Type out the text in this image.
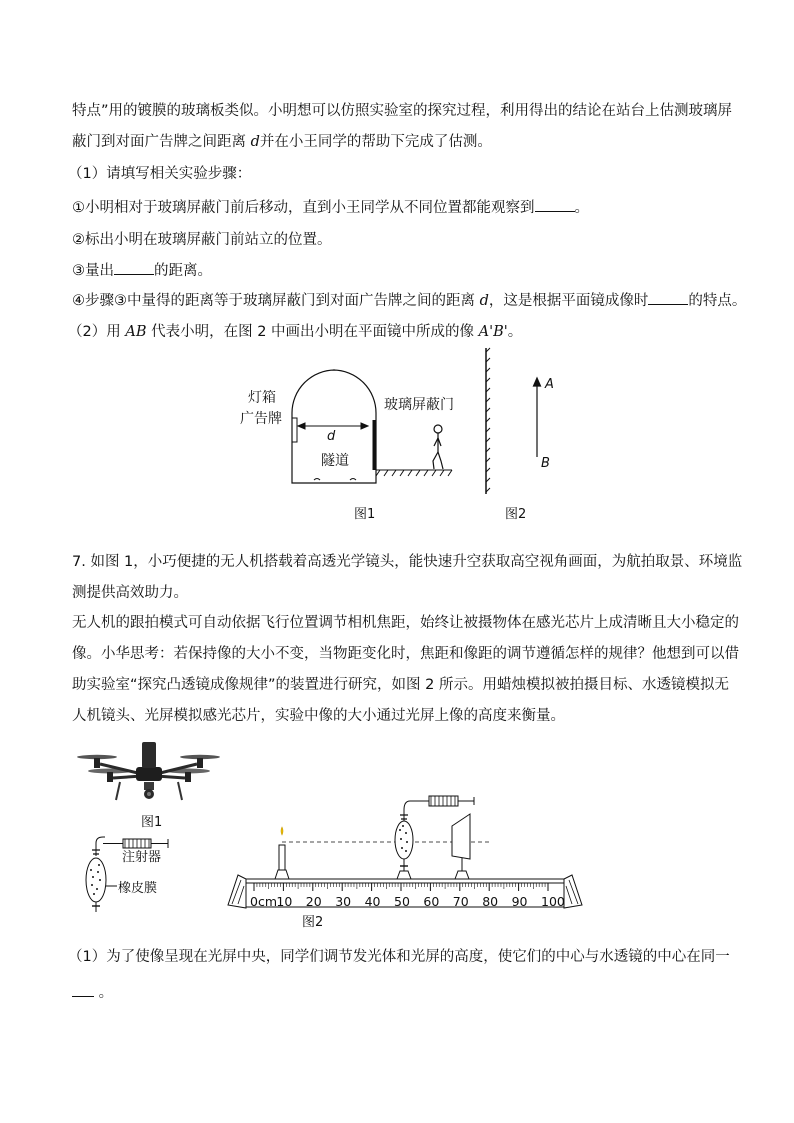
特点”用的镀膜的玻璃板类似。小明想可以仿照实验室的探究过程，利用得出的结论在站台上估测玻璃屏
蔽门到对面广告牌之间距离 d并在小王同学的帮助下完成了估测。
（1）请填写相关实验步骤：
①小明相对于玻璃屏蔽门前后移动，直到小王同学从不同位置都能观察到	。
②标出小明在玻璃屏蔽门前站立的位置。
③量出	的距离。
④步骤③中量得的距离等于玻璃屏蔽门到对面广告牌之间的距离 d，这是根据平面镜成像时	的特点。
（2）用 AB 代表小明，在图 2 中画出小明在平面镜中所成的像 A'B'。
灯箱
广告牌
d
隧道
玻璃屏蔽门
A
B
图1	图2
7. 如图 1，小巧便捷的无人机搭载着高透光学镜头，能快速升空获取高空视角画面，为航拍取景、环境监
测提供高效助力。
无人机的跟拍模式可自动依据飞行位置调节相机焦距，始终让被摄物体在感光芯片上成清晰且大小稳定的
像。小华思考：若保持像的大小不变，当物距变化时，焦距和像距的调节遵循怎样的规律？他想到可以借
助实验室“探究凸透镜成像规律”的装置进行研究，如图 2 所示。用蜡烛模拟被拍摄目标、水透镜模拟无
人机镜头、光屏模拟感光芯片，实验中像的大小通过光屏上像的高度来衡量。
图1
注射器
橡皮膜
0cm 10 20 30 40 50 60 70 80 90 100
图2
（1）为了使像呈现在光屏中央，同学们调节发光体和光屏的高度，使它们的中心与水透镜的中心在同一
。
